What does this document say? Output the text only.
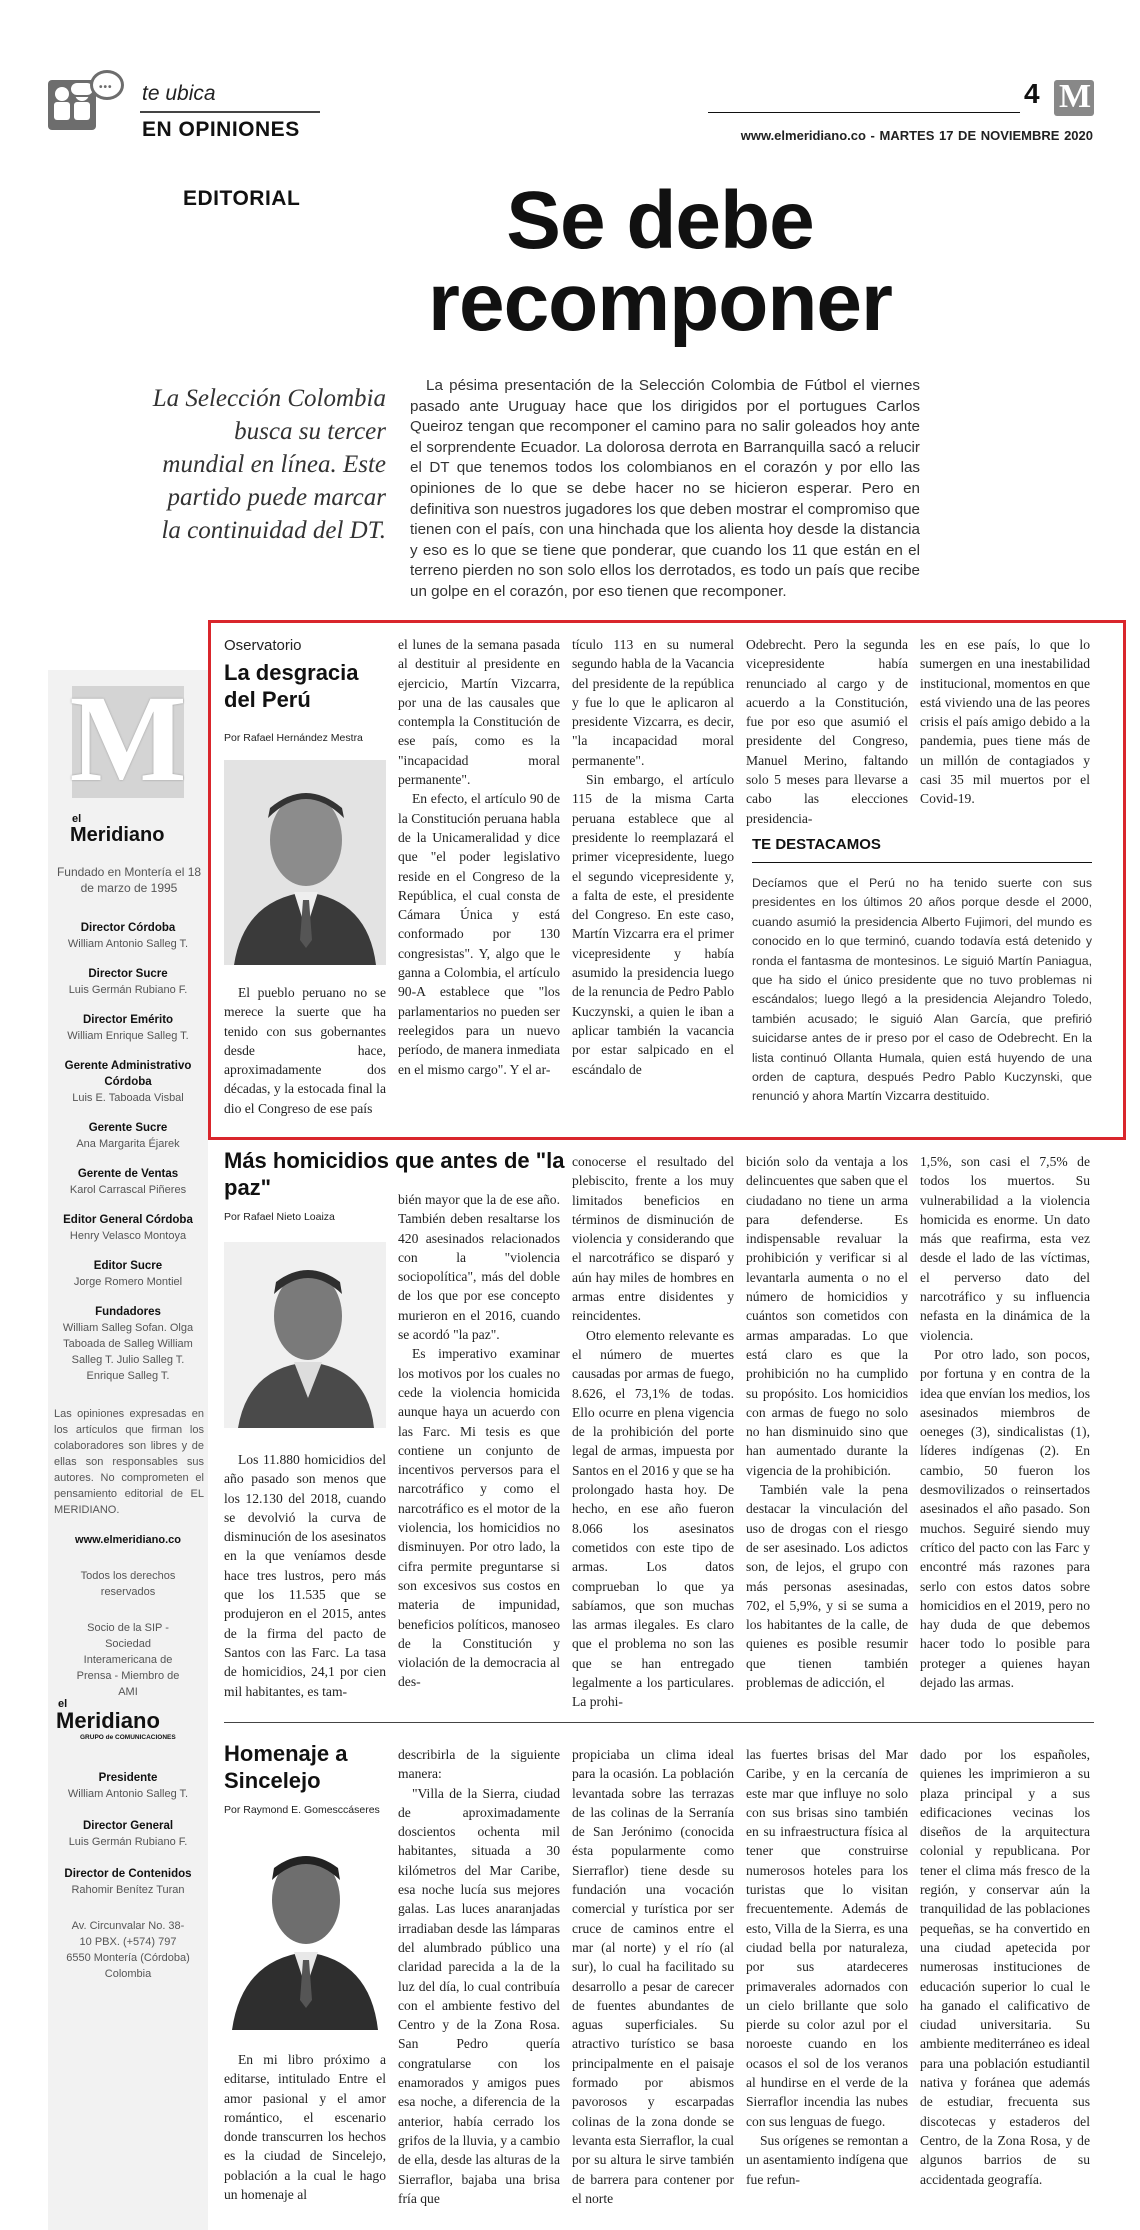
••• te ubica
EN OPINIONES
4 M
www.elmeridiano.co - MARTES 17 DE NOVIEMBRE 2020
EDITORIAL	Se debe
recomponer
La Selección Colombia busca su tercer mundial en línea. Este partido puede marcar la continuidad del DT.
La pésima presentación de la Selección Colombia de Fútbol el viernes pasado ante Uruguay hace que los dirigidos por el portugues Carlos Queiroz tengan que recomponer el camino para no salir goleados hoy ante el sorprendente Ecuador. La dolorosa derrota en Barranquilla sacó a relucir el DT que tenemos todos los colombianos en el corazón y por ello las opiniones de lo que se debe hacer no se hicieron esperar. Pero en definitiva son nuestros jugadores los que deben mostrar el compromiso que tienen con el país, con una hinchada que los alienta hoy desde la distancia y eso es lo que se tiene que ponderar, que cuando los 11 que están en el terreno pierden no son solo ellos los derrotados, es todo un país que recibe un golpe en el corazón, por eso tienen que recomponer.
M
el
Meridiano
Fundado en Montería el 18 de marzo de 1995
Director Córdoba
William Antonio Salleg T.
Director Sucre
Luis Germán Rubiano F.
Director Emérito
William Enrique Salleg T.
Gerente Administrativo Córdoba
Luis E. Taboada Visbal
Gerente Sucre
Ana Margarita Éjarek
Gerente de Ventas
Karol Carrascal Piñeres
Editor General Córdoba
Henry Velasco Montoya
Editor Sucre
Jorge Romero Montiel
Fundadores
William Salleg Sofan. Olga Taboada de Salleg William Salleg T. Julio Salleg T. Enrique Salleg T.
Las opiniones expresadas en los artículos que firman los colaboradores son libres y de ellas son responsables sus autores. No comprometen el pensamiento editorial de EL MERIDIANO.
www.elmeridiano.co
Todos los derechos reservados
Socio de la SIP - Sociedad Interamericana de Prensa - Miembro de AMI
el
Meridiano
GRUPO de COMUNICACIONES
Presidente
William Antonio Salleg T.
Director General
Luis Germán Rubiano F.
Director de Contenidos
Rahomir Benítez Turan
Av. Circunvalar No. 38-10 PBX. (+574) 797 6550 Montería (Córdoba) Colombia
Oservatorio
La desgracia del Perú
Por Rafael Hernández Mestra

El pueblo peruano no se merece la suerte que ha tenido con sus gobernantes desde hace, aproximadamente dos décadas, y la estocada final la dio el Congreso de ese país

el lunes de la semana pasada al destituir al presidente en ejercicio, Martín Vizcarra, por una de las causales que contempla la Constitución de ese país, como es la "incapacidad moral permanente".

En efecto, el artículo 90 de la Constitución peruana habla de la Unicameralidad y dice que "el poder legislativo reside en el Congreso de la República, el cual consta de Cámara Única y está conformado por 130 congresistas". Y, algo que le ganna a Colombia, el artículo 90-A establece que "los parlamentarios no pueden ser reelegidos para un nuevo período, de manera inmediata en el mismo cargo". Y el ar-

tículo 113 en su numeral segundo habla de la Vacancia del presidente de la república y fue lo que le aplicaron al presidente Vizcarra, es decir, "la incapacidad moral permanente".

Sin embargo, el artículo 115 de la misma Carta peruana establece que al presidente lo reemplazará el primer vicepresidente, luego el segundo vicepresidente y, a falta de este, el presidente del Congreso. En este caso, Martín Vizcarra era el primer vicepresidente y había asumido la presidencia luego de la renuncia de Pedro Pablo Kuczynski, a quien le iban a aplicar también la vacancia por estar salpicado en el escándalo de

Odebrecht. Pero la segunda vicepresidente había renunciado al cargo y de acuerdo a la Constitución, fue por eso que asumió el presidente del Congreso, Manuel Merino, faltando solo 5 meses para llevarse a cabo las elecciones presidencia-

les en ese país, lo que lo sumergen en una inestabilidad institucional, momentos en que está viviendo una de las peores crisis el país amigo debido a la pandemia, pues tiene más de un millón de contagiados y casi 35 mil muertos por el Covid-19.

TE DESTACAMOS
Decíamos que el Perú no ha tenido suerte con sus presidentes en los últimos 20 años porque desde el 2000, cuando asumió la presidencia Alberto Fujimori, del mundo es conocido en lo que terminó, cuando todavía está detenido y ronda el fantasma de montesinos. Le siguió Martín Paniagua, que ha sido el único presidente que no tuvo problemas ni escándalos; luego llegó a la presidencia Alejandro Toledo, también acusado; le siguió Alan García, que prefirió suicidarse antes de ir preso por el caso de Odebrecht. En la lista continuó Ollanta Humala, quien está huyendo de una orden de captura, después Pedro Pablo Kuczynski, que renunció y ahora Martín Vizcarra destituido.
Más homicidios que antes de "la paz"
Por Rafael Nieto Loaiza

Los 11.880 homicidios del año pasado son menos que los 12.130 del 2018, cuando se devolvió la curva de disminución de los asesinatos en la que veníamos desde hace tres lustros, pero más que los 11.535 que se produjeron en el 2015, antes de la firma del pacto de Santos con las Farc. La tasa de homicidios, 24,1 por cien mil habitantes, es tam-

bién mayor que la de ese año. También deben resaltarse los 420 asesinados relacionados con la "violencia sociopolítica", más del doble de los que por ese concepto murieron en el 2016, cuando se acordó "la paz".

Es imperativo examinar los motivos por los cuales no cede la violencia homicida aunque haya un acuerdo con las Farc. Mi tesis es que contiene un conjunto de incentivos perversos para el narcotráfico y como el narcotráfico es el motor de la violencia, los homicidios no disminuyen. Por otro lado, la cifra permite preguntarse si son excesivos sus costos en materia de impunidad, beneficios políticos, manoseo de la Constitución y violación de la democracia al des-

conocerse el resultado del plebiscito, frente a los muy limitados beneficios en términos de disminución de violencia y considerando que el narcotráfico se disparó y aún hay miles de hombres en armas entre disidentes y reincidentes.

Otro elemento relevante es el número de muertes causadas por armas de fuego, 8.626, el 73,1% de todas. Ello ocurre en plena vigencia de la prohibición del porte legal de armas, impuesta por Santos en el 2016 y que se ha prolongado hasta hoy. De hecho, en ese año fueron 8.066 los asesinatos cometidos con este tipo de armas. Los datos comprueban lo que ya sabíamos, que son muchas las armas ilegales. Es claro que el problema no son las que se han entregado legalmente a los particulares. La prohi-

bición solo da ventaja a los delincuentes que saben que el ciudadano no tiene un arma para defenderse. Es indispensable revaluar la prohibición y verificar si al levantarla aumenta o no el número de homicidios y cuántos son cometidos con armas amparadas. Lo que está claro es que la prohibición no ha cumplido su propósito. Los homicidios con armas de fuego no solo no han disminuido sino que han aumentado durante la vigencia de la prohibición.

También vale la pena destacar la vinculación del uso de drogas con el riesgo de ser asesinado. Los adictos son, de lejos, el grupo con más personas asesinadas, 702, el 5,9%, y si se suma a los habitantes de la calle, de quienes es posible resumir que tienen también problemas de adicción, el

1,5%, son casi el 7,5% de todos los muertos. Su vulnerabilidad a la violencia homicida es enorme. Un dato más que reafirma, esta vez desde el lado de las víctimas, el perverso dato del narcotráfico y su influencia nefasta en la dinámica de la violencia.

Por otro lado, son pocos, por fortuna y en contra de la idea que envían los medios, los asesinados miembros de oeneges (3), sindicalistas (1), líderes indígenas (2). En cambio, 50 fueron los desmovilizados o reinsertados asesinados el año pasado. Son muchos. Seguiré siendo muy crítico del pacto con las Farc y encontré más razones para serlo con estos datos sobre homicidios en el 2019, pero no hay duda de que debemos hacer todo lo posible para proteger a quienes hayan dejado las armas.

Homenaje a Sincelejo
Por Raymond E. Gomesccáseres

En mi libro próximo a editarse, intitulado Entre el amor pasional y el amor romántico, el escenario donde transcurren los hechos es la ciudad de Sincelejo, población a la cual le hago un homenaje al

describirla de la siguiente manera:

"Villa de la Sierra, ciudad de aproximadamente doscientos ochenta mil habitantes, situada a 30 kilómetros del Mar Caribe, esa noche lucía sus mejores galas. Las luces anaranjadas irradiaban desde las lámparas del alumbrado público una claridad parecida a la de la luz del día, lo cual contribuía con el ambiente festivo del Centro y de la Zona Rosa. San Pedro quería congratularse con los enamorados y amigos pues esa noche, a diferencia de la anterior, había cerrado los grifos de la lluvia, y a cambio de ella, desde las alturas de la Sierraflor, bajaba una brisa fría que

propiciaba un clima ideal para la ocasión. La población levantada sobre las terrazas de las colinas de la Serranía de San Jerónimo (conocida ésta popularmente como Sierraflor) tiene desde su fundación una vocación comercial y turística por ser cruce de caminos entre el mar (al norte) y el río (al sur), lo cual ha facilitado su desarrollo a pesar de carecer de fuentes abundantes de aguas superficiales. Su atractivo turístico se basa principalmente en el paisaje formado por abismos pavorosos y escarpadas colinas de la zona donde se levanta esta Sierraflor, la cual por su altura le sirve también de barrera para contener por el norte

las fuertes brisas del Mar Caribe, y en la cercanía de este mar que influye no solo con sus brisas sino también en su infraestructura física al tener que construirse numerosos hoteles para los turistas que lo visitan frecuentemente. Además de esto, Villa de la Sierra, es una ciudad bella por naturaleza, por sus atardeceres primaverales adornados con un cielo brillante que solo pierde su color azul por el noroeste cuando en los ocasos el sol de los veranos al hundirse en el verde de la Sierraflor incendia las nubes con sus lenguas de fuego.

Sus orígenes se remontan a un asentamiento indígena que fue refun-

dado por los españoles, quienes les imprimieron a su plaza principal y a sus edificaciones vecinas los diseños de la arquitectura colonial y republicana. Por tener el clima más fresco de la región, y conservar aún la tranquilidad de las poblaciones pequeñas, se ha convertido en una ciudad apetecida por numerosas instituciones de educación superior lo cual le ha ganado el calificativo de ciudad universitaria. Su ambiente mediterráneo es ideal para una población estudiantil nativa y foránea que además de estudiar, frecuenta sus discotecas y estaderos del Centro, de la Zona Rosa, y de algunos barrios de su accidentada geografía.
